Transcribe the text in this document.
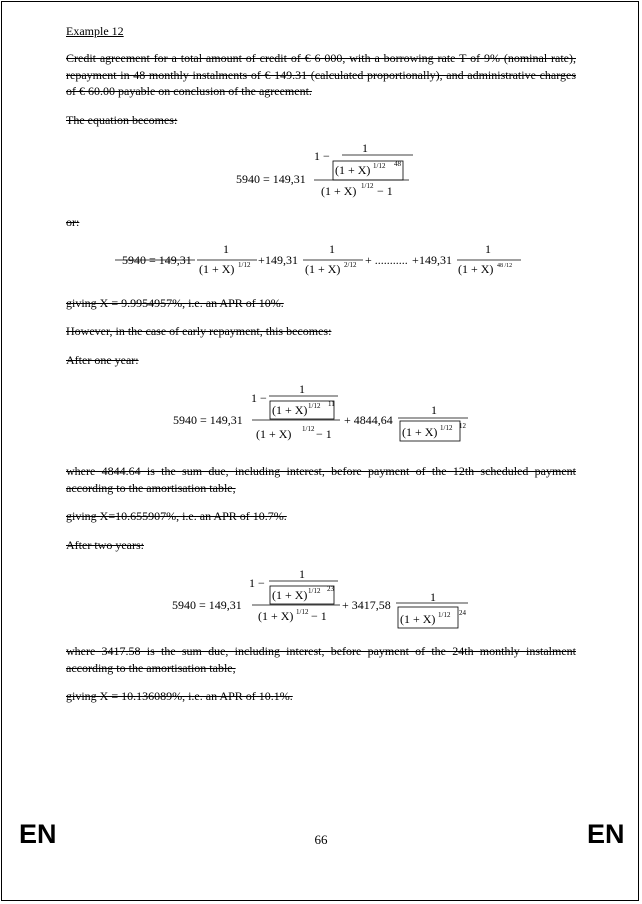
Example 12
Credit agreement for a total amount of credit of € 6 000, with a borrowing rate T of 9% (nominal rate), repayment in 48 monthly instalments of € 149.31 (calculated proportionally), and administrative charges of € 60.00 payable on conclusion of the agreement.
The equation becomes:
1
1 −
(1 + X) 1/12 48
5940 = 149,31
(1 + X) 1/12 − 1
or:
5940 = 149,31
1
(1 + X) 1/12 + 149,31
1
(1 + X) 2/12 + ........... + 149,31
1
(1 + X) 48 /12
giving X = 9.9954957%, i.e. an APR of 10%.
However, in the case of early repayment, this becomes:
After one year:
1
1 −
(1 + X) 1/12 11
5940 = 149,31
(1 + X) 1/12 − 1
+ 4844,64
1
(1 + X) 1/12 12
where 4844.64 is the sum due, including interest, before payment of the 12th scheduled payment according to the amortisation table,
giving X=10.655907%, i.e. an APR of 10.7%.
After two years:
1
1 −
(1 + X) 1/12 23
5940 = 149,31
(1 + X) 1/12 − 1
+ 3417,58
1
(1 + X) 1/12 24
where 3417.58 is the sum due, including interest, before payment of the 24th monthly instalment according to the amortisation table,
giving X = 10.136089%, i.e. an APR of 10.1%.
EN	66	EN
